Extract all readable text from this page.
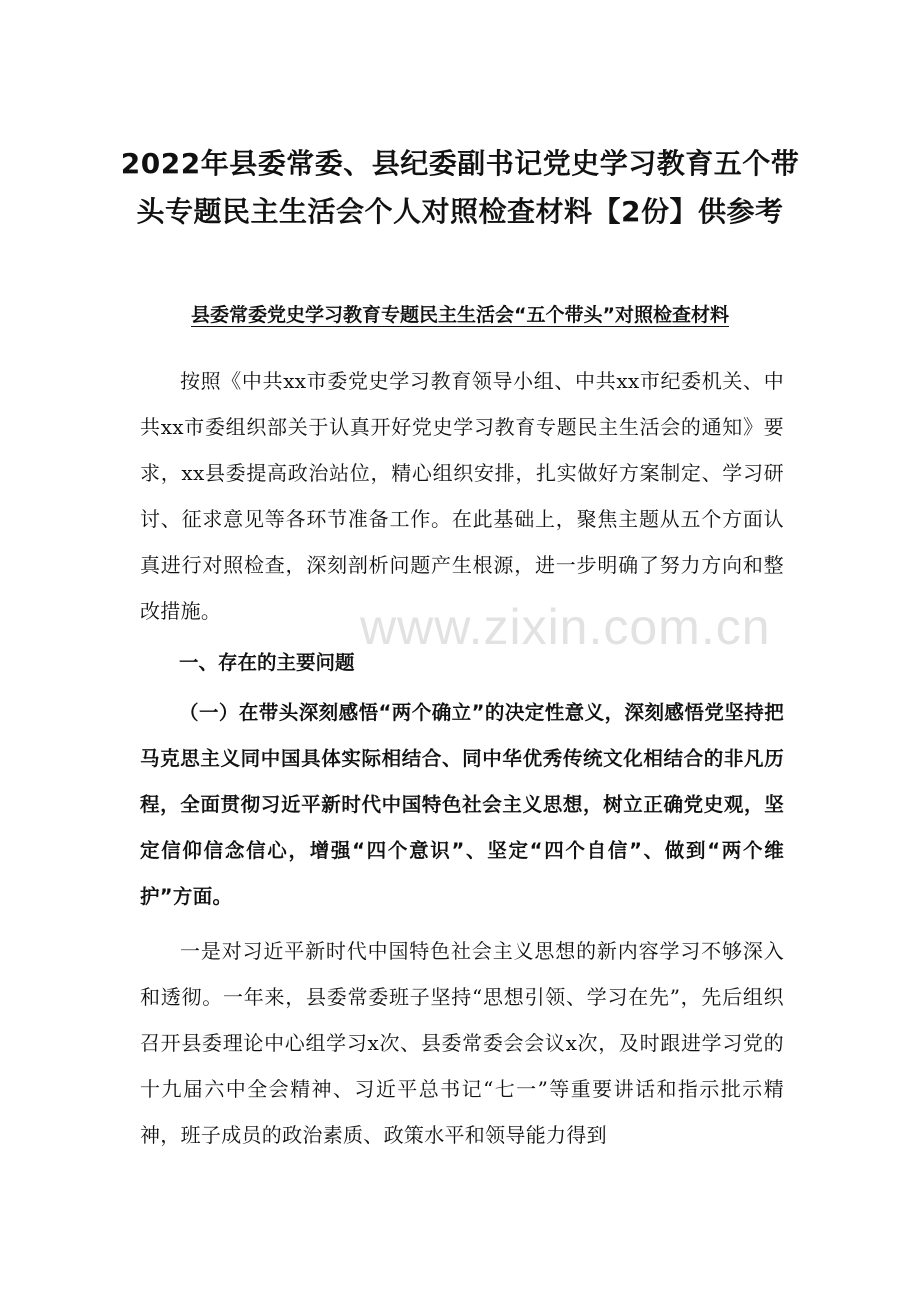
2022年县委常委、县纪委副书记党史学习教育五个带头专题民主生活会个人对照检查材料【2份】供参考
县委常委党史学习教育专题民主生活会“五个带头”对照检查材料

按照《中共xx市委党史学习教育领导小组、中共xx市纪委机关、中共xx市委组织部关于认真开好党史学习教育专题民主生活会的通知》要求，xx县委提高政治站位，精心组织安排，扎实做好方案制定、学习研讨、征求意见等各环节准备工作。在此基础上，聚焦主题从五个方面认真进行对照检查，深刻剖析问题产生根源，进一步明确了努力方向和整改措施。

一、存在的主要问题

（一）在带头深刻感悟“两个确立”的决定性意义，深刻感悟党坚持把马克思主义同中国具体实际相结合、同中华优秀传统文化相结合的非凡历程，全面贯彻习近平新时代中国特色社会主义思想，树立正确党史观，坚定信仰信念信心，增强“四个意识”、坚定“四个自信”、做到“两个维护”方面。

一是对习近平新时代中国特色社会主义思想的新内容学习不够深入和透彻。一年来，县委常委班子坚持“思想引领、学习在先”，先后组织召开县委理论中心组学习x次、县委常委会会议x次，及时跟进学习党的十九届六中全会精神、习近平总书记“七一”等重要讲话和指示批示精神，班子成员的政治素质、政策水平和领导能力得到

www.zixin.com.cn
